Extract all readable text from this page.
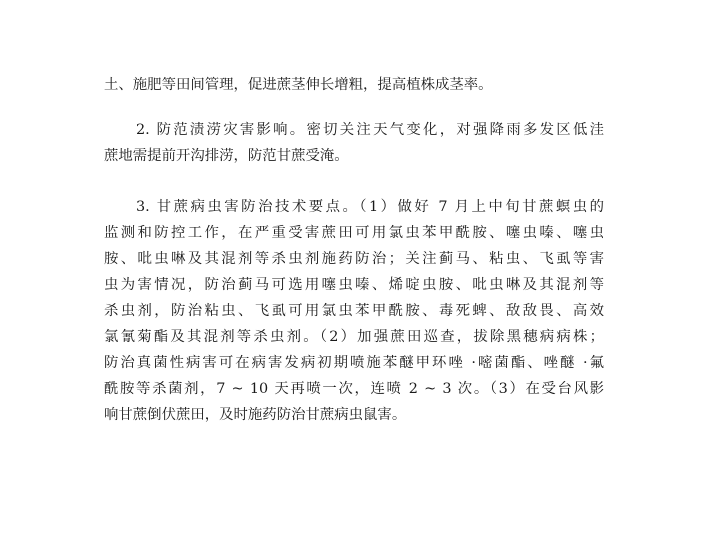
土、施肥等田间管理，促进蔗茎伸长增粗，提高植株成茎率。
2. 防范渍涝灾害影响。密切关注天气变化，对强降雨多发区低洼
蔗地需提前开沟排涝，防范甘蔗受淹。
3. 甘蔗病虫害防治技术要点。（1）做好 7 月上中旬甘蔗螟虫的
监测和防控工作，在严重受害蔗田可用氯虫苯甲酰胺、噻虫嗪、噻虫
胺、吡虫啉及其混剂等杀虫剂施药防治；关注蓟马、粘虫、飞虱等害
虫为害情况，防治蓟马可选用噻虫嗪、烯啶虫胺、吡虫啉及其混剂等
杀虫剂，防治粘虫、飞虱可用氯虫苯甲酰胺、毒死蜱、敌敌畏、高效
氯氰菊酯及其混剂等杀虫剂。（2）加强蔗田巡查，拔除黑穗病病株；
防治真菌性病害可在病害发病初期喷施苯醚甲环唑 ·嘧菌酯、唑醚 ·氟
酰胺等杀菌剂，7 ~ 10 天再喷一次，连喷 2 ~ 3 次。（3）在受台风影
响甘蔗倒伏蔗田，及时施药防治甘蔗病虫鼠害。
